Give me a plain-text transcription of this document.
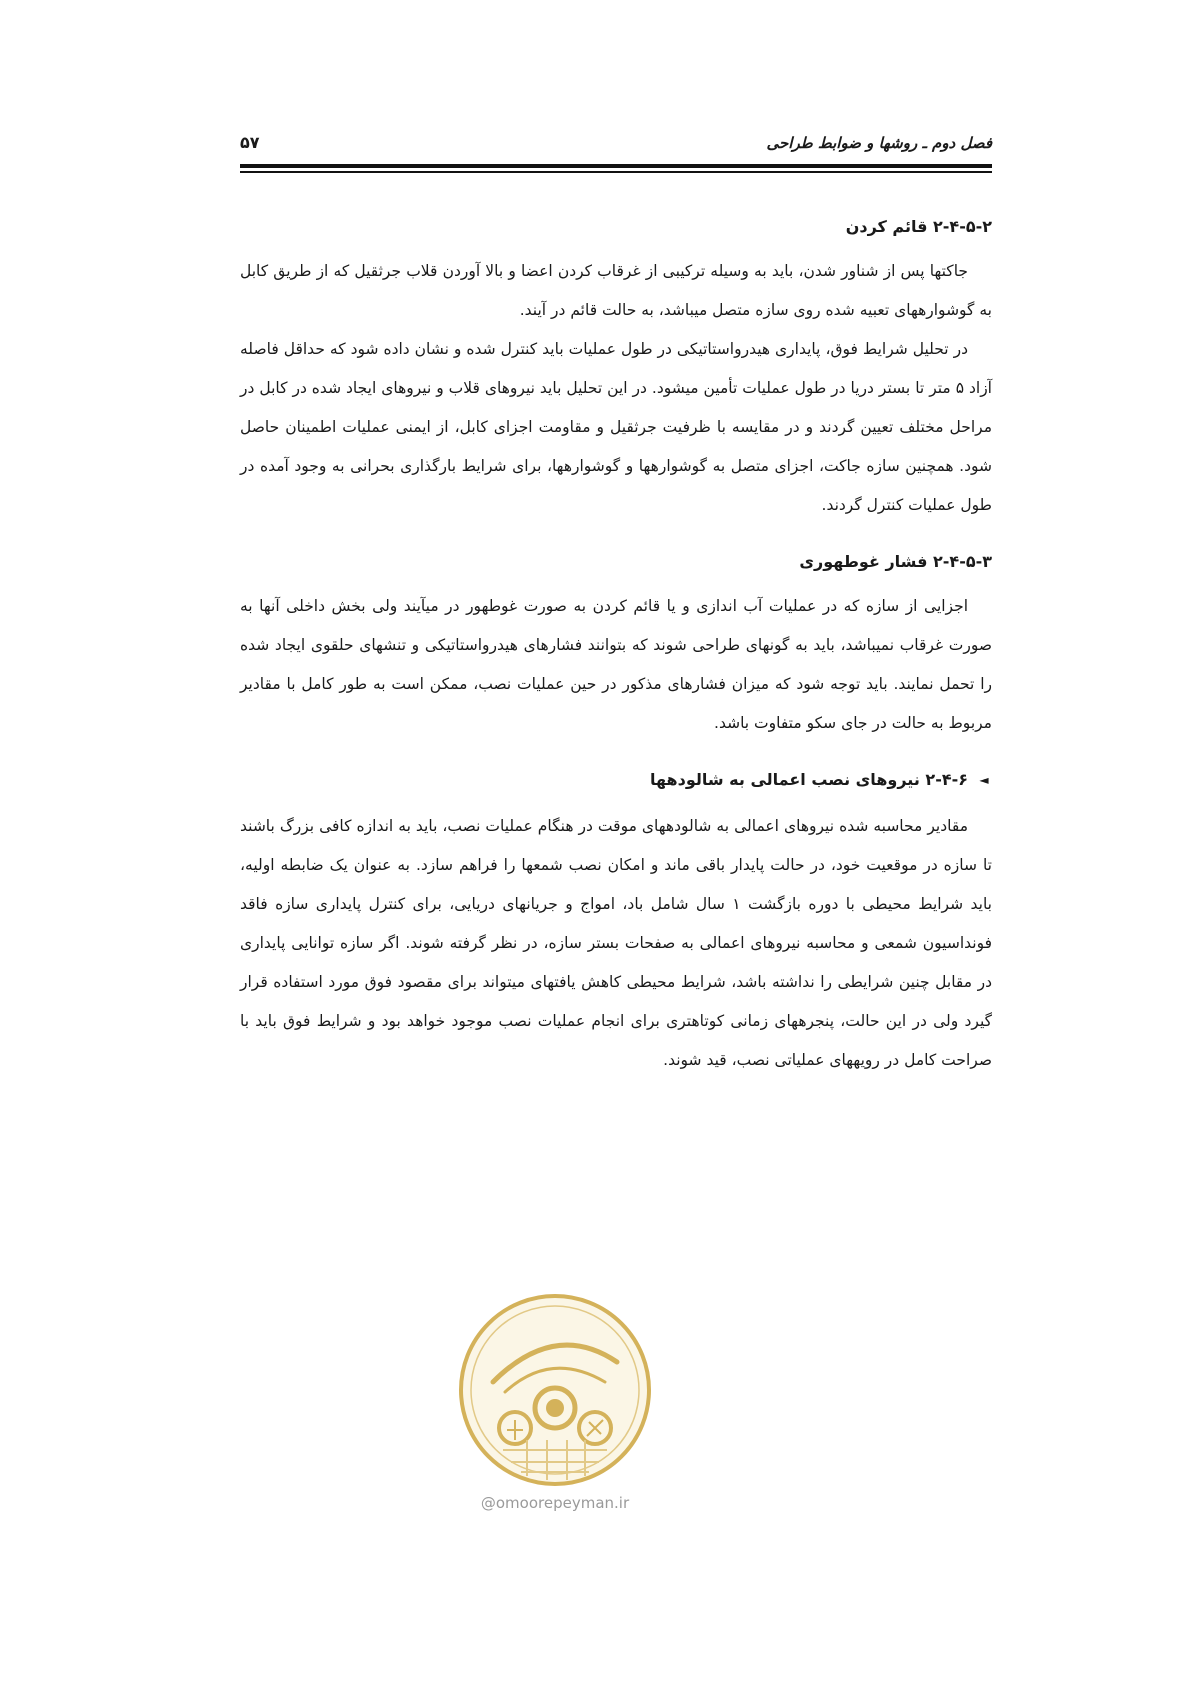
فصل دوم ـ روشها و ضوابط طراحی
۵۷
۲-۴-۵-۲ قائم کردن

جاکتها پس از شناور شدن، باید به وسیله ترکیبی از غرقاب کردن اعضا و بالا آوردن قلاب جرثقیل که از طریق کابل به گوشوارههای تعبیه شده روی سازه متصل میباشد، به حالت قائم در آیند.

در تحلیل شرایط فوق، پایداری هیدرواستاتیکی در طول عملیات باید کنترل شده و نشان داده شود که حداقل فاصله آزاد ۵ متر تا بستر دریا در طول عملیات تأمین میشود. در این تحلیل باید نیروهای قلاب و نیروهای ایجاد شده در کابل در مراحل مختلف تعیین گردند و در مقایسه با ظرفیت جرثقیل و مقاومت اجزای کابل، از ایمنی عملیات اطمینان حاصل شود. همچنین سازه جاکت، اجزای متصل به گوشوارهها و گوشوارهها، برای شرایط بارگذاری بحرانی به وجود آمده در طول عملیات کنترل گردند.

۲-۴-۵-۳ فشار غوطهوری

اجزایی از سازه که در عملیات آب اندازی و یا قائم کردن به صورت غوطهور در میآیند ولی بخش داخلی آنها به صورت غرقاب نمیباشد، باید به گونهای طراحی شوند که بتوانند فشارهای هیدرواستاتیکی و تنشهای حلقوی ایجاد شده را تحمل نمایند. باید توجه شود که میزان فشارهای مذکور در حین عملیات نصب، ممکن است به طور کامل با مقادیر مربوط به حالت در جای سکو متفاوت باشد.

◄
۲-۴-۶ نیروهای نصب اعمالی به شالودهها

مقادیر محاسبه شده نیروهای اعمالی به شالودههای موقت در هنگام عملیات نصب، باید به اندازه کافی بزرگ باشند تا سازه در موقعیت خود، در حالت پایدار باقی ماند و امکان نصب شمعها را فراهم سازد. به عنوان یک ضابطه اولیه، باید شرایط محیطی با دوره بازگشت ۱ سال شامل باد، امواج و جریانهای دریایی، برای کنترل پایداری سازه فاقد فونداسیون شمعی و محاسبه نیروهای اعمالی به صفحات بستر سازه، در نظر گرفته شوند. اگر سازه توانایی پایداری در مقابل چنین شرایطی را نداشته باشد، شرایط محیطی کاهش یافتهای میتواند برای مقصود فوق مورد استفاده قرار گیرد ولی در این حالت، پنجرههای زمانی کوتاهتری برای انجام عملیات نصب موجود خواهد بود و شرایط فوق باید با صراحت کامل در رویههای عملیاتی نصب، قید شوند.

@omoorepeyman.ir
